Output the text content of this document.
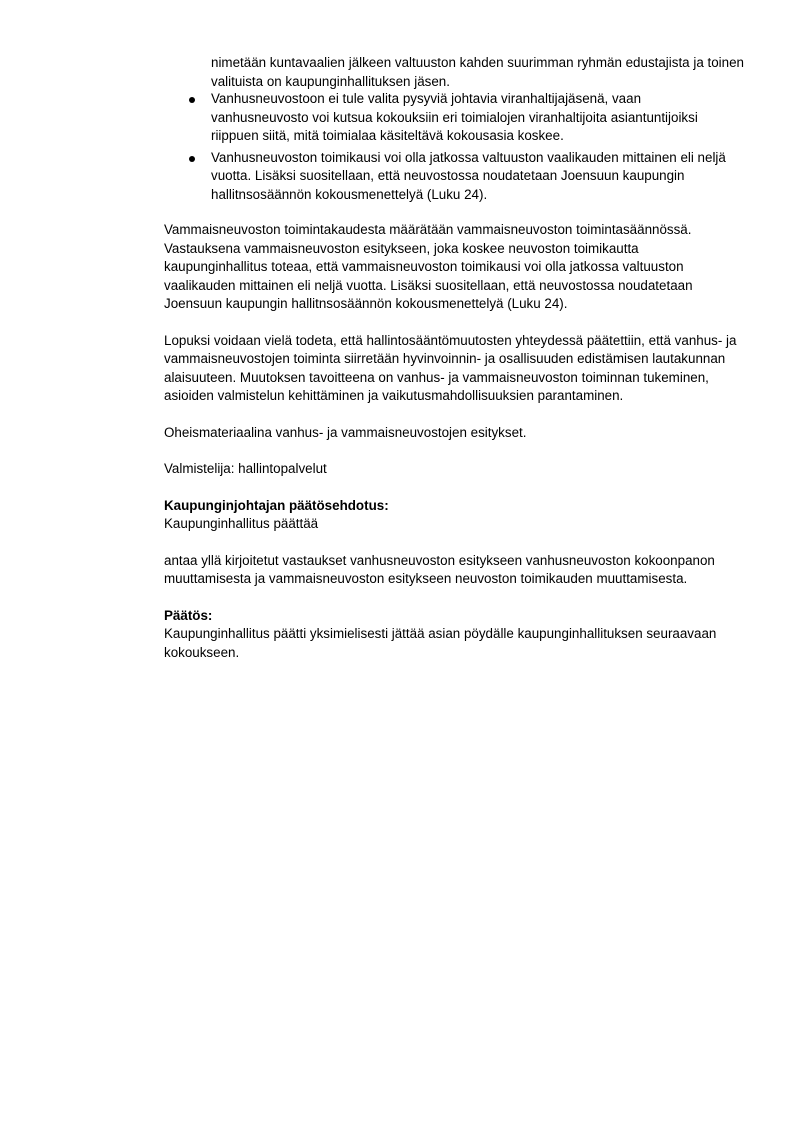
nimetään kuntavaalien jälkeen valtuuston kahden suurimman ryhmän edustajista ja toinen valituista on kaupunginhallituksen jäsen.

Vanhusneuvostoon ei tule valita pysyviä johtavia viranhaltijajäsenä, vaan vanhusneuvosto voi kutsua kokouksiin eri toimialojen viranhaltijoita asiantuntijoiksi riippuen siitä, mitä toimialaa käsiteltävä kokousasia koskee.
Vanhusneuvoston toimikausi voi olla jatkossa valtuuston vaalikauden mittainen eli neljä vuotta. Lisäksi suositellaan, että neuvostossa noudatetaan Joensuun kaupungin hallitnsosäännön kokousmenettelyä (Luku 24).

Vammaisneuvoston toimintakaudesta määrätään vammaisneuvoston toimintasäännössä. Vastauksena vammaisneuvoston esitykseen, joka koskee neuvoston toimikautta kaupunginhallitus toteaa, että vammaisneuvoston toimikausi voi olla jatkossa valtuuston vaalikauden mittainen eli neljä vuotta. Lisäksi suositellaan, että neuvostossa noudatetaan Joensuun kaupungin hallitnsosäännön kokousmenettelyä (Luku 24).

Lopuksi voidaan vielä todeta, että hallintosääntömuutosten yhteydessä päätettiin, että vanhus- ja vammaisneuvostojen toiminta siirretään hyvinvoinnin- ja osallisuuden edistämisen lautakunnan alaisuuteen. Muutoksen tavoitteena on vanhus- ja vammaisneuvoston toiminnan tukeminen, asioiden valmistelun kehittäminen ja vaikutusmahdollisuuksien parantaminen.

Oheismateriaalina vanhus- ja vammaisneuvostojen esitykset.

Valmistelija: hallintopalvelut

Kaupunginjohtajan päätösehdotus:

Kaupunginhallitus päättää

antaa yllä kirjoitetut vastaukset vanhusneuvoston esitykseen vanhusneuvoston kokoonpanon muuttamisesta ja vammaisneuvoston esitykseen neuvoston toimikauden muuttamisesta.

Päätös:

Kaupunginhallitus päätti yksimielisesti jättää asian pöydälle kaupunginhallituksen seuraavaan kokoukseen.
